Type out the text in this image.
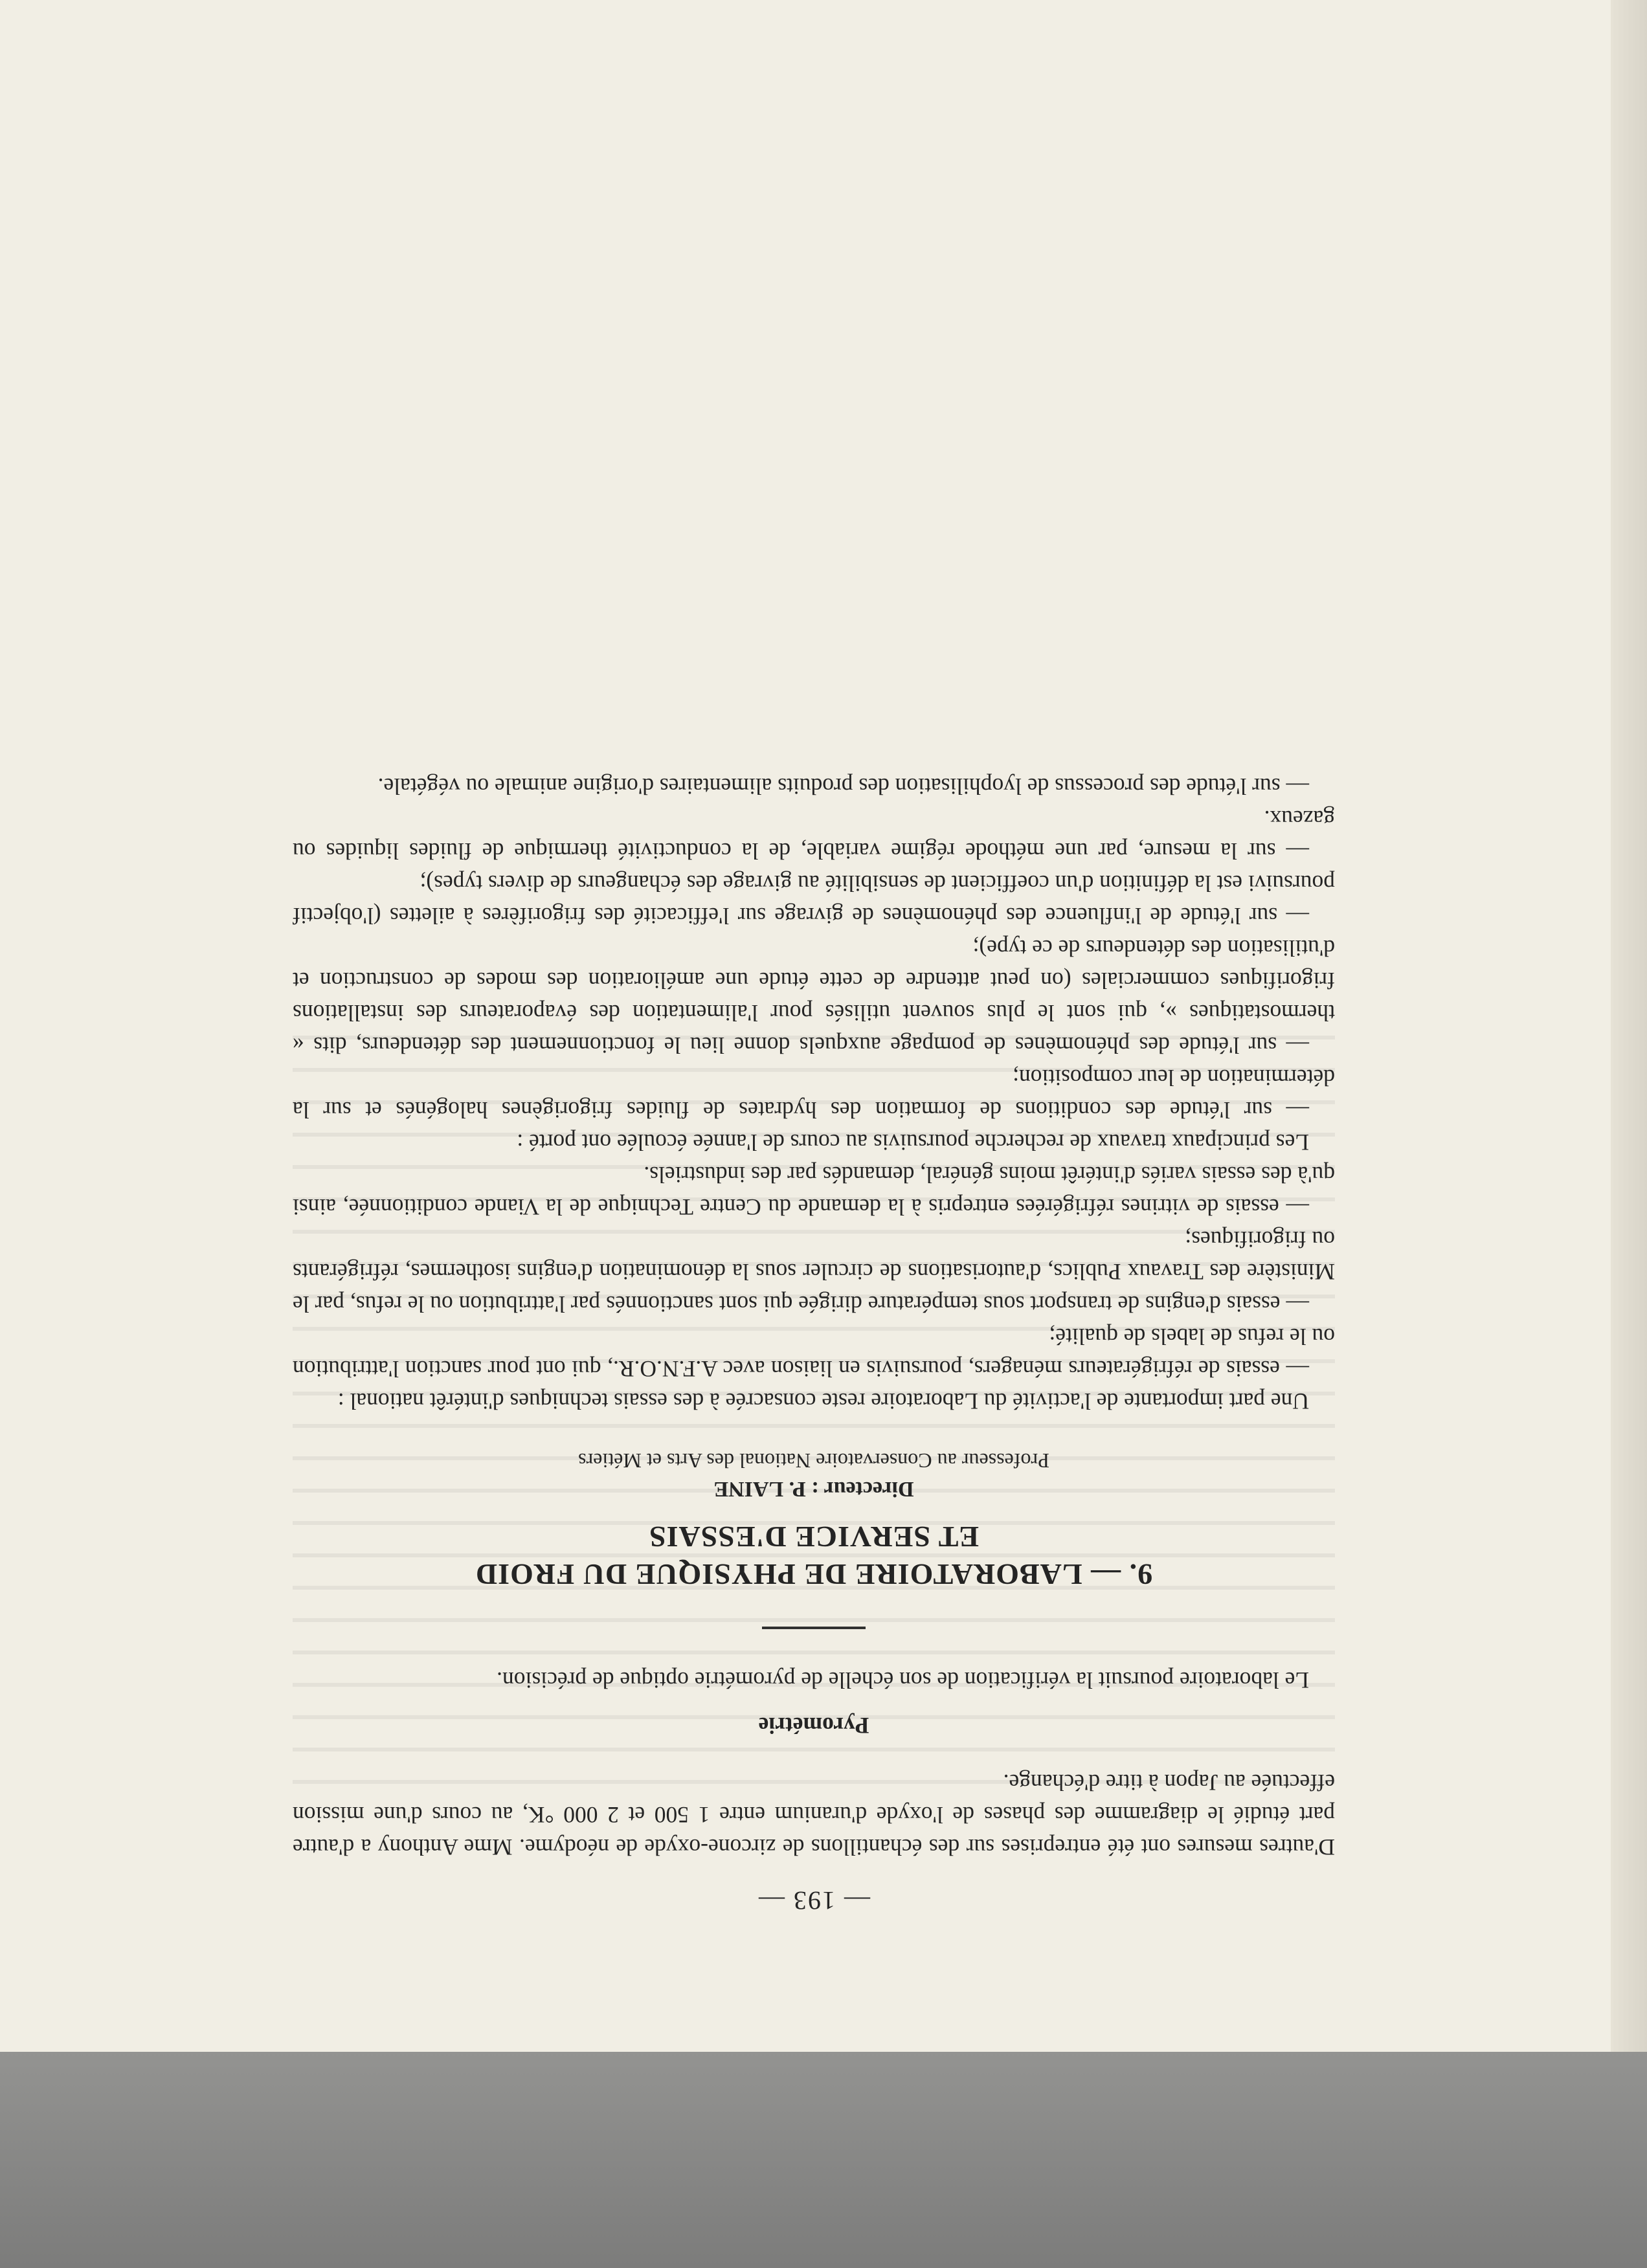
— 193 —

D'autres mesures ont été entreprises sur des échantillons de zircone-oxyde de néodyme. Mme Anthony a d'autre part étudié le diagramme des phases de l'oxyde d'uranium entre 1 500 et 2 000 °K, au cours d'une mission effectuée au Japon à titre d'échange.

Pyrométrie

Le laboratoire poursuit la vérification de son échelle de pyrométrie optique de précision.

9. — LABORATOIRE DE PHYSIQUE DU FROID
ET SERVICE D'ESSAIS
Directeur : P. LAINE
Professeur au Conservatoire National des Arts et Métiers

Une part importante de l'activité du Laboratoire reste consacrée à des essais techniques d'intérêt national :

— essais de réfrigérateurs ménagers, poursuivis en liaison avec A.F.N.O.R., qui ont pour sanction l'attribution ou le refus de labels de qualité;

— essais d'engins de transport sous température dirigée qui sont sanctionnés par l'attribution ou le refus, par le Ministère des Travaux Publics, d'autorisations de circuler sous la dénomination d'engins isothermes, réfrigérants ou frigorifiques;

— essais de vitrines réfrigérées entrepris à la demande du Centre Technique de la Viande conditionnée, ainsi qu'à des essais variés d'intérêt moins général, demandés par des industriels.

Les principaux travaux de recherche poursuivis au cours de l'année écoulée ont porté :

— sur l'étude des conditions de formation des hydrates de fluides frigorigènes halogénés et sur la détermination de leur composition;

— sur l'étude des phénomènes de pompage auxquels donne lieu le fonctionnement des détendeurs, dits « thermostatiques », qui sont le plus souvent utilisés pour l'alimentation des évaporateurs des installations frigorifiques commerciales (on peut attendre de cette étude une amélioration des modes de construction et d'utilisation des détendeurs de ce type);

— sur l'étude de l'influence des phénomènes de givrage sur l'efficacité des frigorifères à ailettes (l'objectif poursuivi est la définition d'un coefficient de sensibilité au givrage des échangeurs de divers types);

— sur la mesure, par une méthode régime variable, de la conductivité thermique de fluides liquides ou gazeux.

— sur l'étude des processus de lyophilisation des produits alimentaires d'origine animale ou végétale.
